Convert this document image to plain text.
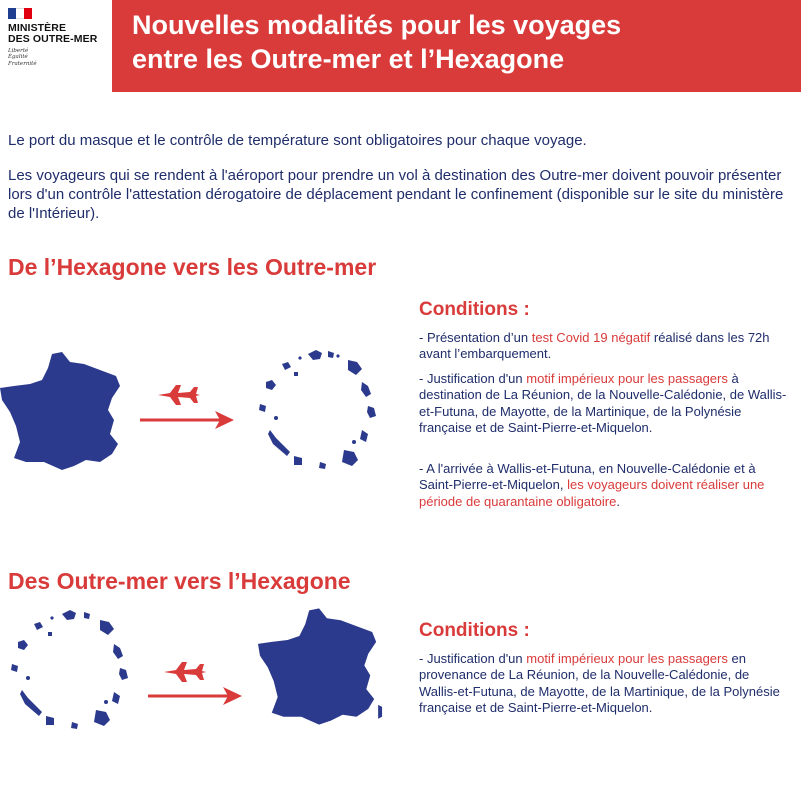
MINISTÈRE
DES OUTRE-MER
Liberté
Égalité
Fraternité
Nouvelles modalités pour les voyages
entre les Outre-mer et l’Hexagone

Le port du masque et le contrôle de température sont obligatoires pour chaque voyage.

Les voyageurs qui se rendent à l'aéroport pour prendre un vol à destination des Outre-mer doivent pouvoir présenter lors d'un contrôle l'attestation dérogatoire de déplacement pendant le confinement (disponible sur le site du ministère de l'Intérieur).

De l’Hexagone vers les Outre-mer
Conditions :

- Présentation d’un test Covid 19 négatif réalisé dans les 72h avant l’embarquement.

- Justification d'un motif impérieux pour les passagers à destination de La Réunion, de la Nouvelle-Calédonie, de Wallis-et-Futuna, de Mayotte, de la Martinique, de la Polynésie française et de Saint-Pierre-et-Miquelon.

- A l'arrivée à Wallis-et-Futuna, en Nouvelle-Calédonie et à Saint-Pierre-et-Miquelon, les voyageurs doivent réaliser une période de quarantaine obligatoire.

Des Outre-mer vers l’Hexagone
Conditions :

- Justification d'un motif impérieux pour les passagers en provenance de La Réunion, de la Nouvelle-Calédonie, de Wallis-et-Futuna, de Mayotte, de la Martinique, de la Polynésie française et de Saint-Pierre-et-Miquelon.
